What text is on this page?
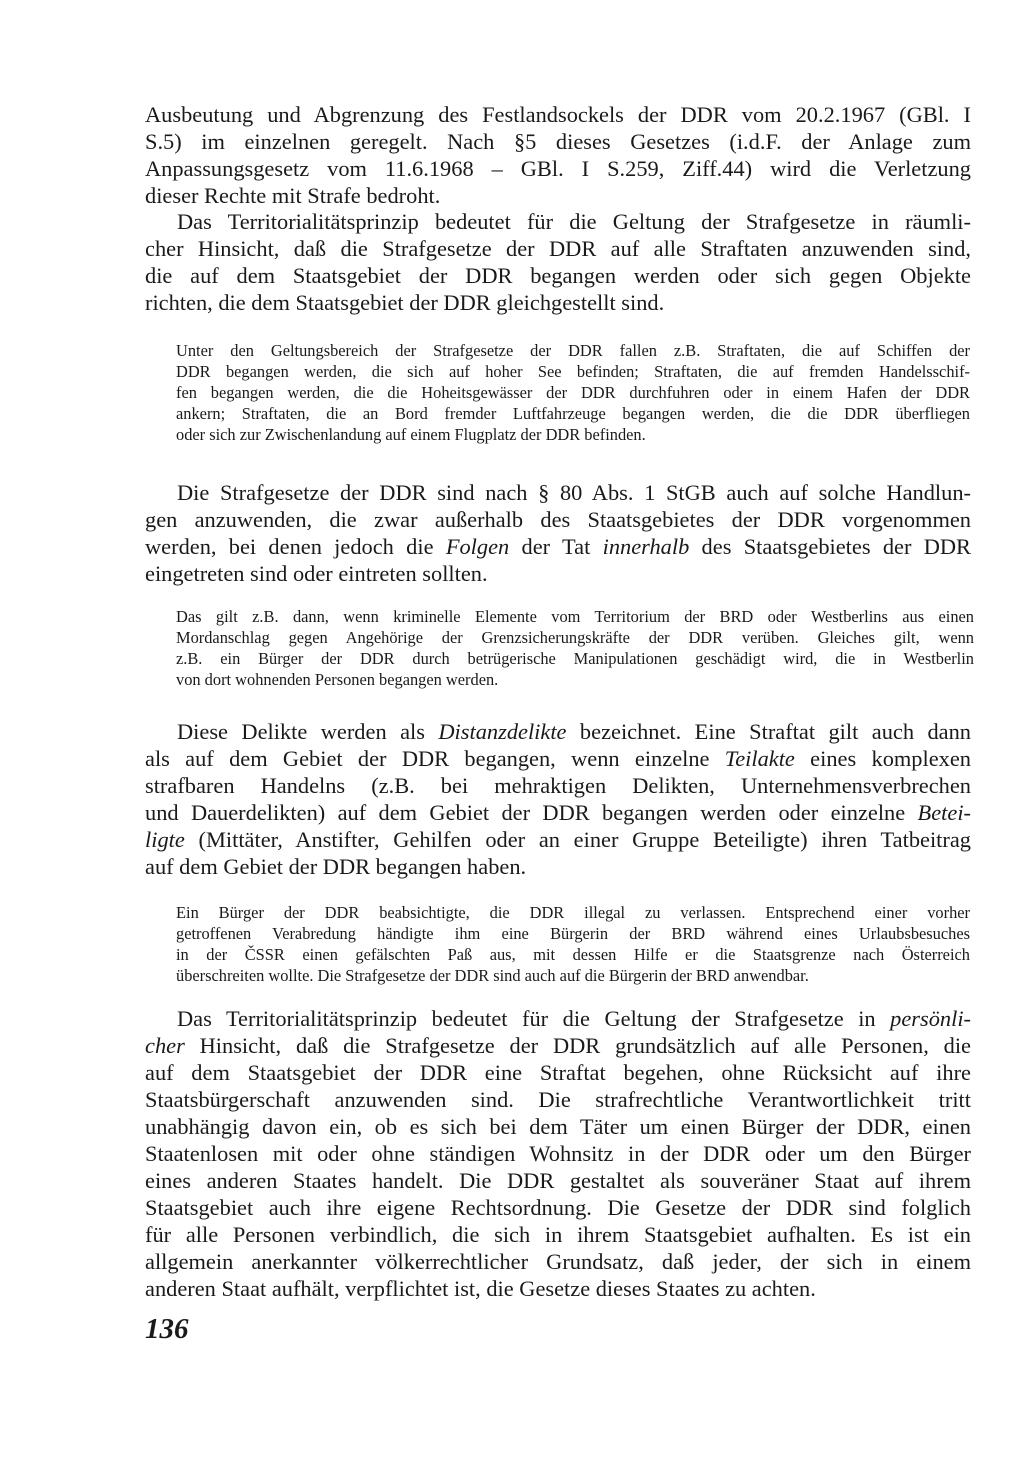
Ausbeutung und Abgrenzung des Festlandsockels der DDR vom 20.2.1967 (GBl. I
S.5) im einzelnen geregelt. Nach §5 dieses Gesetzes (i.d.F. der Anlage zum
Anpassungsgesetz vom 11.6.1968 – GBl. I S.259, Ziff.44) wird die Verletzung
dieser Rechte mit Strafe bedroht.
Das Territorialitätsprinzip bedeutet für die Geltung der Strafgesetze in räumli-
cher Hinsicht, daß die Strafgesetze der DDR auf alle Straftaten anzuwenden sind,
die auf dem Staatsgebiet der DDR begangen werden oder sich gegen Objekte
richten, die dem Staatsgebiet der DDR gleichgestellt sind.
Unter den Geltungsbereich der Strafgesetze der DDR fallen z.B. Straftaten, die auf Schiffen der
DDR begangen werden, die sich auf hoher See befinden; Straftaten, die auf fremden Handelsschif-
fen begangen werden, die die Hoheitsgewässer der DDR durchfuhren oder in einem Hafen der DDR
ankern; Straftaten, die an Bord fremder Luftfahrzeuge begangen werden, die die DDR überfliegen
oder sich zur Zwischenlandung auf einem Flugplatz der DDR befinden.
Die Strafgesetze der DDR sind nach § 80 Abs. 1 StGB auch auf solche Handlun-
gen anzuwenden, die zwar außerhalb des Staatsgebietes der DDR vorgenommen
werden, bei denen jedoch die Folgen der Tat innerhalb des Staatsgebietes der DDR
eingetreten sind oder eintreten sollten.
Das gilt z.B. dann, wenn kriminelle Elemente vom Territorium der BRD oder Westberlins aus einen
Mordanschlag gegen Angehörige der Grenzsicherungskräfte der DDR verüben. Gleiches gilt, wenn
z.B. ein Bürger der DDR durch betrügerische Manipulationen geschädigt wird, die in Westberlin
von dort wohnenden Personen begangen werden.
Diese Delikte werden als Distanzdelikte bezeichnet. Eine Straftat gilt auch dann
als auf dem Gebiet der DDR begangen, wenn einzelne Teilakte eines komplexen
strafbaren Handelns (z.B. bei mehraktigen Delikten, Unternehmensverbrechen
und Dauerdelikten) auf dem Gebiet der DDR begangen werden oder einzelne Betei-
ligte (Mittäter, Anstifter, Gehilfen oder an einer Gruppe Beteiligte) ihren Tatbeitrag
auf dem Gebiet der DDR begangen haben.
Ein Bürger der DDR beabsichtigte, die DDR illegal zu verlassen. Entsprechend einer vorher
getroffenen Verabredung händigte ihm eine Bürgerin der BRD während eines Urlaubsbesuches
in der ČSSR einen gefälschten Paß aus, mit dessen Hilfe er die Staatsgrenze nach Österreich
überschreiten wollte. Die Strafgesetze der DDR sind auch auf die Bürgerin der BRD anwendbar.
Das Territorialitätsprinzip bedeutet für die Geltung der Strafgesetze in persönli-
cher Hinsicht, daß die Strafgesetze der DDR grundsätzlich auf alle Personen, die
auf dem Staatsgebiet der DDR eine Straftat begehen, ohne Rücksicht auf ihre
Staatsbürgerschaft anzuwenden sind. Die strafrechtliche Verantwortlichkeit tritt
unabhängig davon ein, ob es sich bei dem Täter um einen Bürger der DDR, einen
Staatenlosen mit oder ohne ständigen Wohnsitz in der DDR oder um den Bürger
eines anderen Staates handelt. Die DDR gestaltet als souveräner Staat auf ihrem
Staatsgebiet auch ihre eigene Rechtsordnung. Die Gesetze der DDR sind folglich
für alle Personen verbindlich, die sich in ihrem Staatsgebiet aufhalten. Es ist ein
allgemein anerkannter völkerrechtlicher Grundsatz, daß jeder, der sich in einem
anderen Staat aufhält, verpflichtet ist, die Gesetze dieses Staates zu achten.
136
